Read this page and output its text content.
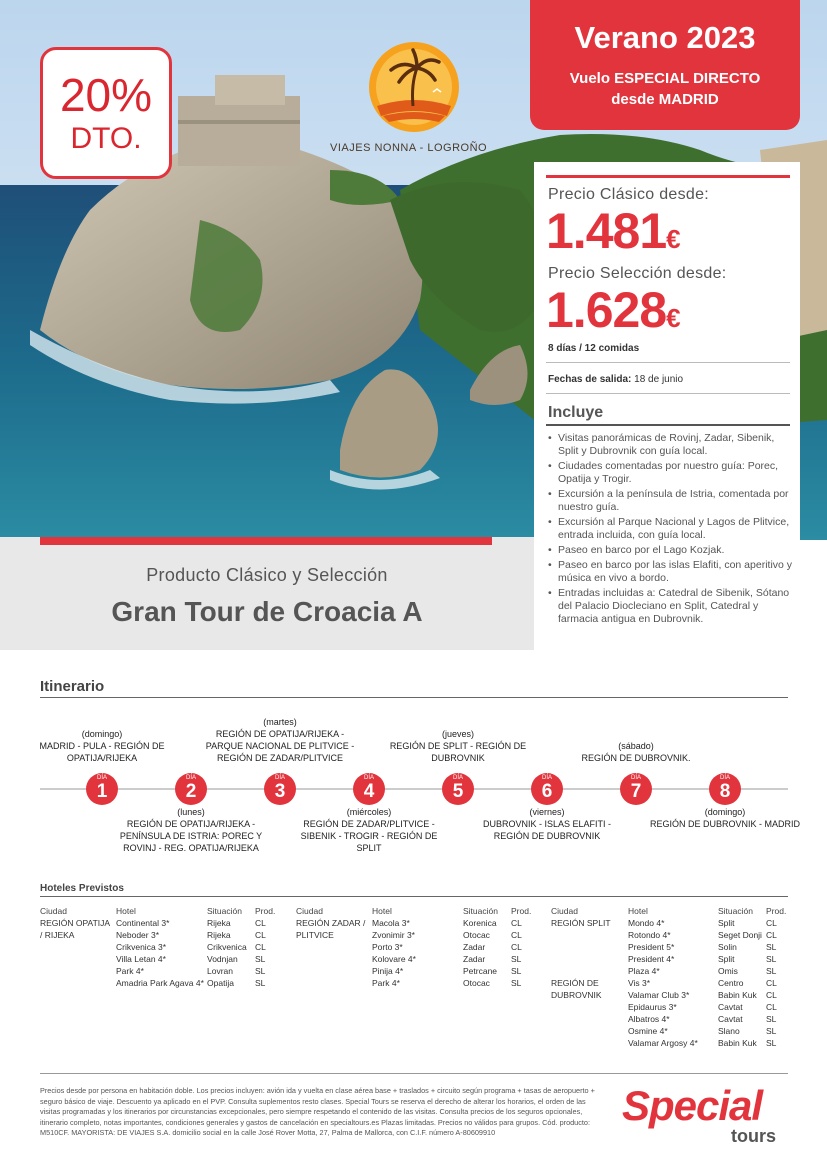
20%
DTO.	VIAJES NONNA - LOGROÑO
Verano 2023
Vuelo ESPECIAL DIRECTO
desde MADRID
Precio Clásico desde:
1.481€
Precio Selección desde:
1.628€
8 días / 12 comidas
Fechas de salida: 18 de junio
Incluye
• Visitas panorámicas de Rovinj, Zadar, Sibenik, Split y Dubrovnik con guía local.
• Ciudades comentadas por nuestro guía: Porec, Opatija y Trogir.
• Excursión a la península de Istria, comentada por nuestro guía.
• Excursión al Parque Nacional y Lagos de Plitvice, entrada incluida, con guía local.
• Paseo en barco por el Lago Kozjak.
• Paseo en barco por las islas Elafiti, con aperitivo y música en vivo a bordo.
• Entradas incluidas a: Catedral de Sibenik, Sótano del Palacio Diocleciano en Split, Catedral y farmacia antigua en Dubrovnik.
Producto Clásico y Selección
Gran Tour de Croacia A
Itinerario
DÍA
1
DÍA
2
DÍA
3
DÍA
4
DÍA
5
DÍA
6
DÍA
7
DÍA
8
(domingo)
MADRID - PULA - REGIÓN DE OPATIJA/RIJEKA
(martes)
REGIÓN DE OPATIJA/RIJEKA - PARQUE NACIONAL DE PLITVICE - REGIÓN DE ZADAR/PLITVICE
(jueves)
REGIÓN DE SPLIT - REGIÓN DE DUBROVNIK
(sábado)
REGIÓN DE DUBROVNIK.
(lunes)
REGIÓN DE OPATIJA/RIJEKA - PENÍNSULA DE ISTRIA: POREC Y ROVINJ - REG. OPATIJA/RIJEKA
(miércoles)
REGIÓN DE ZADAR/PLITVICE - SIBENIK - TROGIR - REGIÓN DE SPLIT
(viernes)
DUBROVNIK - ISLAS ELAFITI - REGIÓN DE DUBROVNIK
(domingo)
REGIÓN DE DUBROVNIK - MADRID
Hoteles Previstos
Ciudad
REGIÓN OPATIJA / RIJEKA
Hotel
Continental 3*
Neboder 3*
Crikvenica 3*
Villa Letan 4*
Park 4*
Amadria Park Agava 4*
Situación
Rijeka
Rijeka
Crikvenica
Vodnjan
Lovran
Opatija
Prod.
CL
CL
CL
SL
SL
SL
Ciudad
REGIÓN ZADAR / PLITVICE
Hotel
Macola 3*
Zvonimir 3*
Porto 3*
Kolovare 4*
Pinija 4*
Park 4*
Situación
Korenica
Otocac
Zadar
Zadar
Petrcane
Otocac
Prod.
CL
CL
CL
SL
SL
SL
Ciudad
REGIÓN SPLIT
REGIÓN DE DUBROVNIK
Hotel
Mondo 4*
Rotondo 4*
President 5*
President 4*
Plaza 4*
Vis 3*
Valamar Club 3*
Epidaurus 3*
Albatros 4*
Osmine 4*
Valamar Argosy 4*
Situación
Split
Seget Donji
Solin
Split
Omis
Centro
Babin Kuk
Cavtat
Cavtat
Slano
Babin Kuk
Prod.
CL
CL
SL
SL
SL
CL
CL
CL
SL
SL
SL
Precios desde por persona en habitación doble. Los precios incluyen: avión ida y vuelta en clase aérea base + traslados + circuito según programa + tasas de aeropuerto + seguro básico de viaje. Descuento ya aplicado en el PVP. Consulta suplementos resto clases. Special Tours se reserva el derecho de alterar los horarios, el orden de las visitas programadas y los itinerarios por circunstancias excepcionales, pero siempre respetando el contenido de las visitas. Consulta precios de los seguros opcionales, itinerario completo, notas importantes, condiciones generales y gastos de cancelación en specialtours.es Plazas limitadas. Precios no válidos para grupos. Cód. producto: M510CF. MAYORISTA: DE VIAJES S.A. domicilio social en la calle José Rover Motta, 27, Palma de Mallorca, con C.I.F. número A-80609910
Special
tours
